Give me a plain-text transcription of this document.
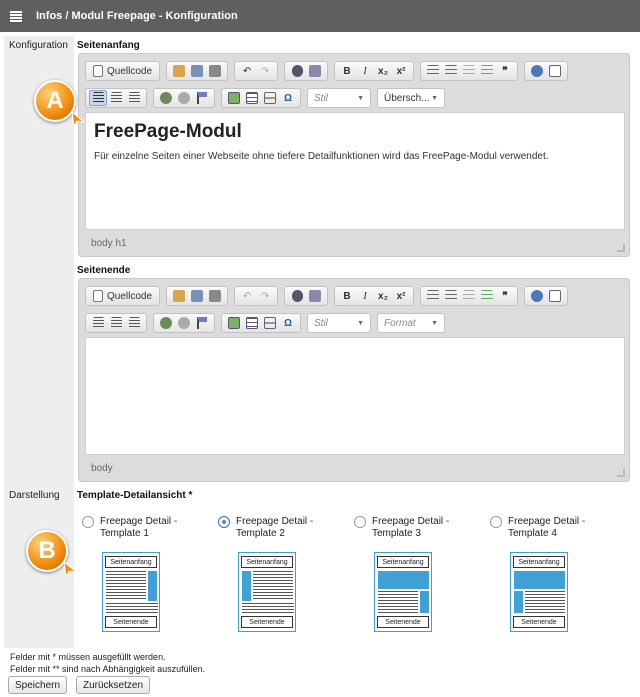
Infos / Modul Freepage - Konfiguration
Konfiguration
Darstellung
Seitenanfang
Quellcode	↶ ↷	B	I	x₂ x²	❞
Ω	Stil	▼ Übersch... ▼
FreePage-Modul

Für einzelne Seiten einer Webseite ohne tiefere Detailfunktionen wird das FreePage-Modul verwendet.

body h1
Seitenende
Quellcode	↶ ↷	B	I	x₂ x²	❞
Ω	Stil	▼ Format ▼
body
A
B
Template-Detailansicht *
Freepage Detail - Template 1
Seitenanfang
Seitenende
Freepage Detail - Template 2
Seitenanfang
Seitenende
Freepage Detail - Template 3
Seitenanfang
Seitenende
Freepage Detail - Template 4
Seitenanfang
Seitenende
Felder mit * müssen ausgefüllt werden.
Felder mit ** sind nach Abhängigkeit auszufüllen.
Speichern	Zurücksetzen
